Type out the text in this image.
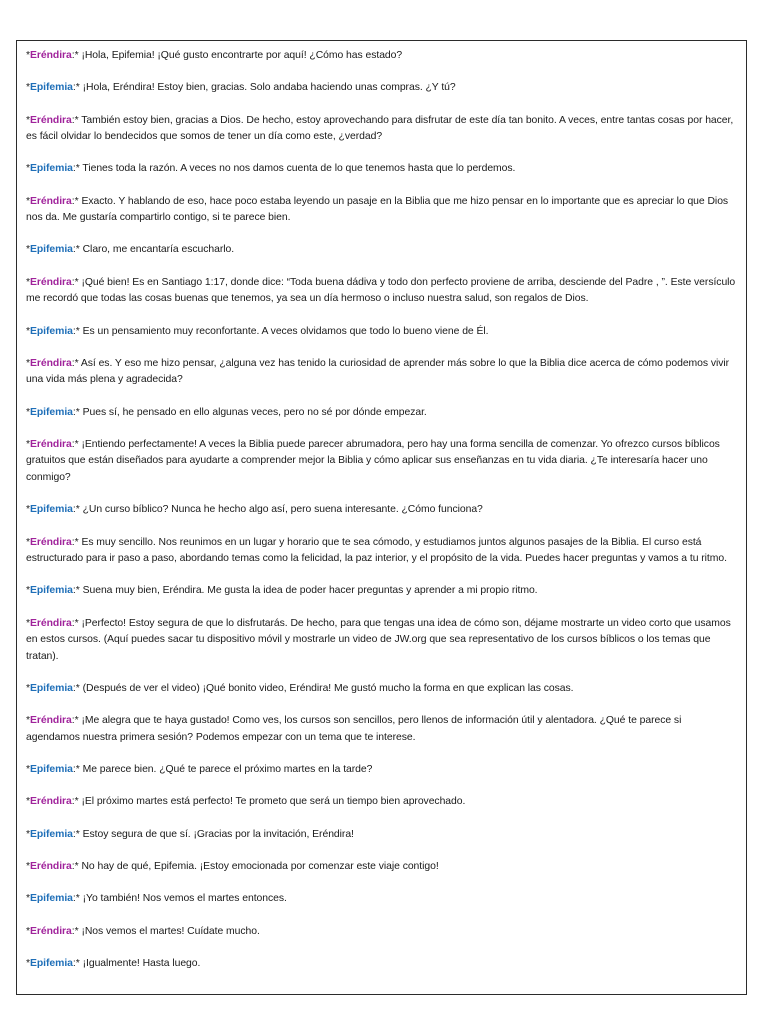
*Eréndira:* ¡Hola, Epifemia! ¡Qué gusto encontrarte por aquí! ¿Cómo has estado?

*Epifemia:* ¡Hola, Eréndira! Estoy bien, gracias. Solo andaba haciendo unas compras. ¿Y tú?

*Eréndira:* También estoy bien, gracias a Dios. De hecho, estoy aprovechando para disfrutar de este día tan bonito. A veces, entre tantas cosas por hacer, es fácil olvidar lo bendecidos que somos de tener un día como este, ¿verdad?

*Epifemia:* Tienes toda la razón. A veces no nos damos cuenta de lo que tenemos hasta que lo perdemos.

*Eréndira:* Exacto. Y hablando de eso, hace poco estaba leyendo un pasaje en la Biblia que me hizo pensar en lo importante que es apreciar lo que Dios nos da. Me gustaría compartirlo contigo, si te parece bien.

*Epifemia:* Claro, me encantaría escucharlo.

*Eréndira:* ¡Qué bien! Es en Santiago 1:17, donde dice: “Toda buena dádiva y todo don perfecto proviene de arriba, desciende del Padre , ”. Este versículo me recordó que todas las cosas buenas que tenemos, ya sea un día hermoso o incluso nuestra salud, son regalos de Dios.

*Epifemia:* Es un pensamiento muy reconfortante. A veces olvidamos que todo lo bueno viene de Él.

*Eréndira:* Así es. Y eso me hizo pensar, ¿alguna vez has tenido la curiosidad de aprender más sobre lo que la Biblia dice acerca de cómo podemos vivir una vida más plena y agradecida?

*Epifemia:* Pues sí, he pensado en ello algunas veces, pero no sé por dónde empezar.

*Eréndira:* ¡Entiendo perfectamente! A veces la Biblia puede parecer abrumadora, pero hay una forma sencilla de comenzar. Yo ofrezco cursos bíblicos gratuitos que están diseñados para ayudarte a comprender mejor la Biblia y cómo aplicar sus enseñanzas en tu vida diaria. ¿Te interesaría hacer uno conmigo?

*Epifemia:* ¿Un curso bíblico? Nunca he hecho algo así, pero suena interesante. ¿Cómo funciona?

*Eréndira:* Es muy sencillo. Nos reunimos en un lugar y horario que te sea cómodo, y estudiamos juntos algunos pasajes de la Biblia. El curso está estructurado para ir paso a paso, abordando temas como la felicidad, la paz interior, y el propósito de la vida. Puedes hacer preguntas y vamos a tu ritmo.

*Epifemia:* Suena muy bien, Eréndira. Me gusta la idea de poder hacer preguntas y aprender a mi propio ritmo.

*Eréndira:* ¡Perfecto! Estoy segura de que lo disfrutarás. De hecho, para que tengas una idea de cómo son, déjame mostrarte un video corto que usamos en estos cursos. (Aquí puedes sacar tu dispositivo móvil y mostrarle un video de JW.org que sea representativo de los cursos bíblicos o los temas que tratan).

*Epifemia:* (Después de ver el video) ¡Qué bonito video, Eréndira! Me gustó mucho la forma en que explican las cosas.

*Eréndira:* ¡Me alegra que te haya gustado! Como ves, los cursos son sencillos, pero llenos de información útil y alentadora. ¿Qué te parece si agendamos nuestra primera sesión? Podemos empezar con un tema que te interese.

*Epifemia:* Me parece bien. ¿Qué te parece el próximo martes en la tarde?

*Eréndira:* ¡El próximo martes está perfecto! Te prometo que será un tiempo bien aprovechado.

*Epifemia:* Estoy segura de que sí. ¡Gracias por la invitación, Eréndira!

*Eréndira:* No hay de qué, Epifemia. ¡Estoy emocionada por comenzar este viaje contigo!

*Epifemia:* ¡Yo también! Nos vemos el martes entonces.

*Eréndira:* ¡Nos vemos el martes! Cuídate mucho.

*Epifemia:* ¡Igualmente! Hasta luego.
